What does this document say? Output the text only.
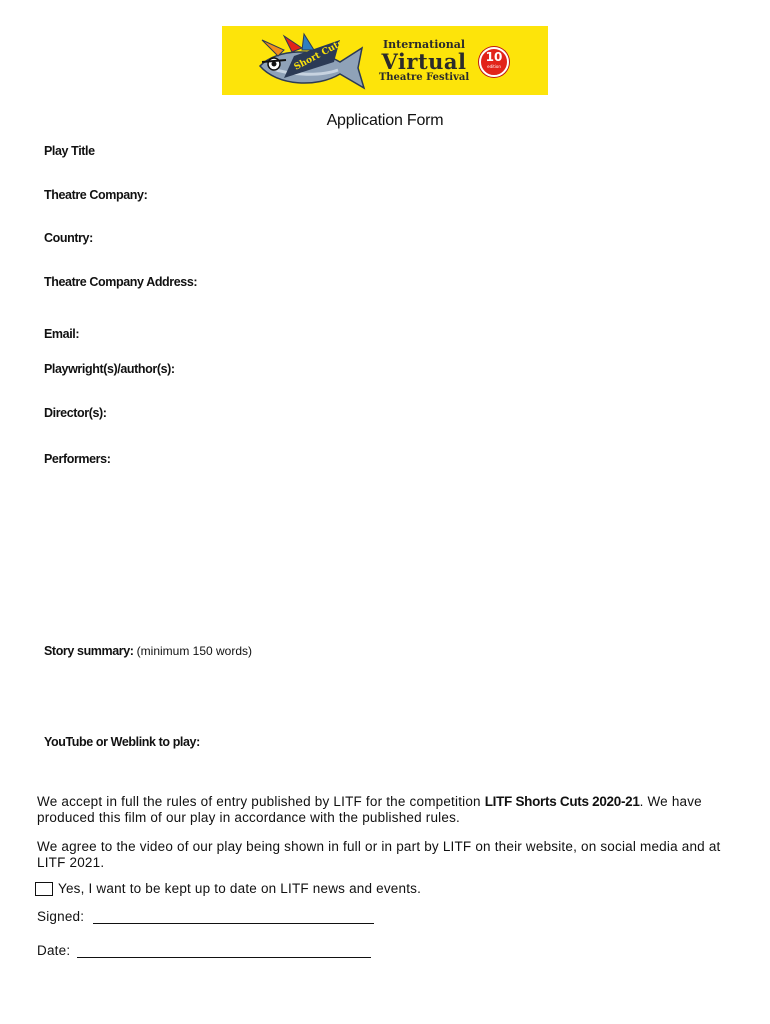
Short Cuts	International
Virtual
Theatre Festival
10
edition
Application Form
Play Title
Theatre Company:
Country:
Theatre Company Address:
Email:
Playwright(s)/author(s):
Director(s):
Performers:
Story summary: (minimum 150 words)
YouTube or Weblink to play:
We accept in full the rules of entry published by LITF for the competition LITF Shorts Cuts 2020-21. We have produced this film of our play in accordance with the published rules.
We agree to the video of our play being shown in full or in part by LITF on their website, on social media and at LITF 2021.
Yes, I want to be kept up to date on LITF news and events.
Signed:
Date:
